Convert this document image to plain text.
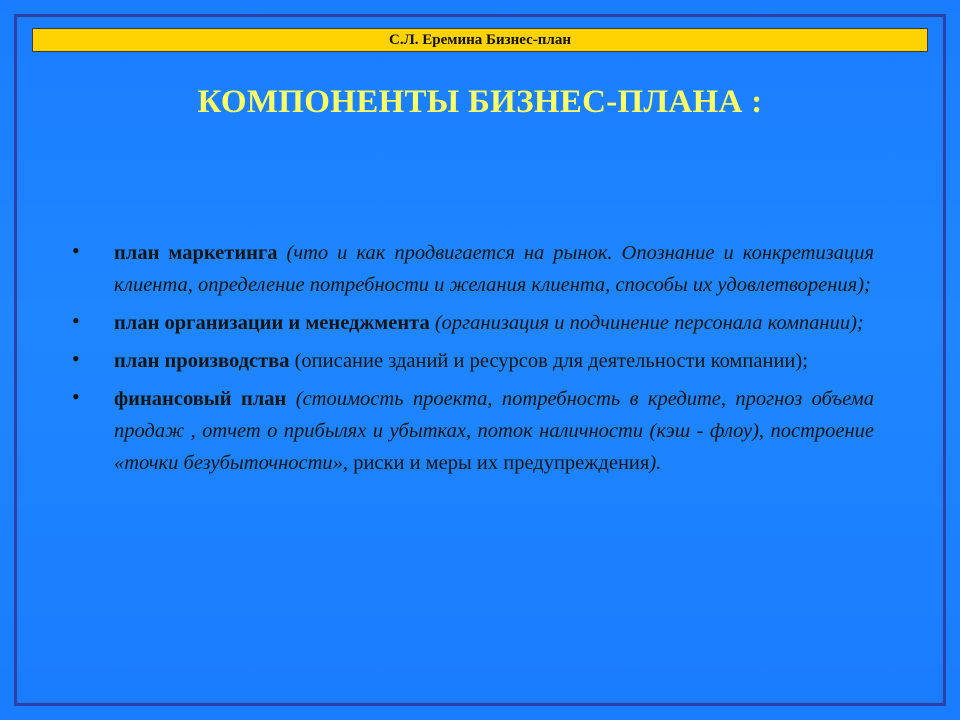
С.Л. Еремина Бизнес-план
КОМПОНЕНТЫ БИЗНЕС-ПЛАНА :
• план маркетинга (что и как продвигается на рынок. Опознание и конкретизация клиента, определение потребности и желания клиента, способы их удовлетворения);
• план организации и менеджмента (организация и подчинение персонала компании);
• план производства (описание зданий и ресурсов для деятельности компании);
• финансовый план (стоимость проекта, потребность в кредите, прогноз объема продаж , отчет о прибылях и убытках, поток наличности (кэш - флоу), построение «точки безубыточности», риски и меры их предупреждения).
